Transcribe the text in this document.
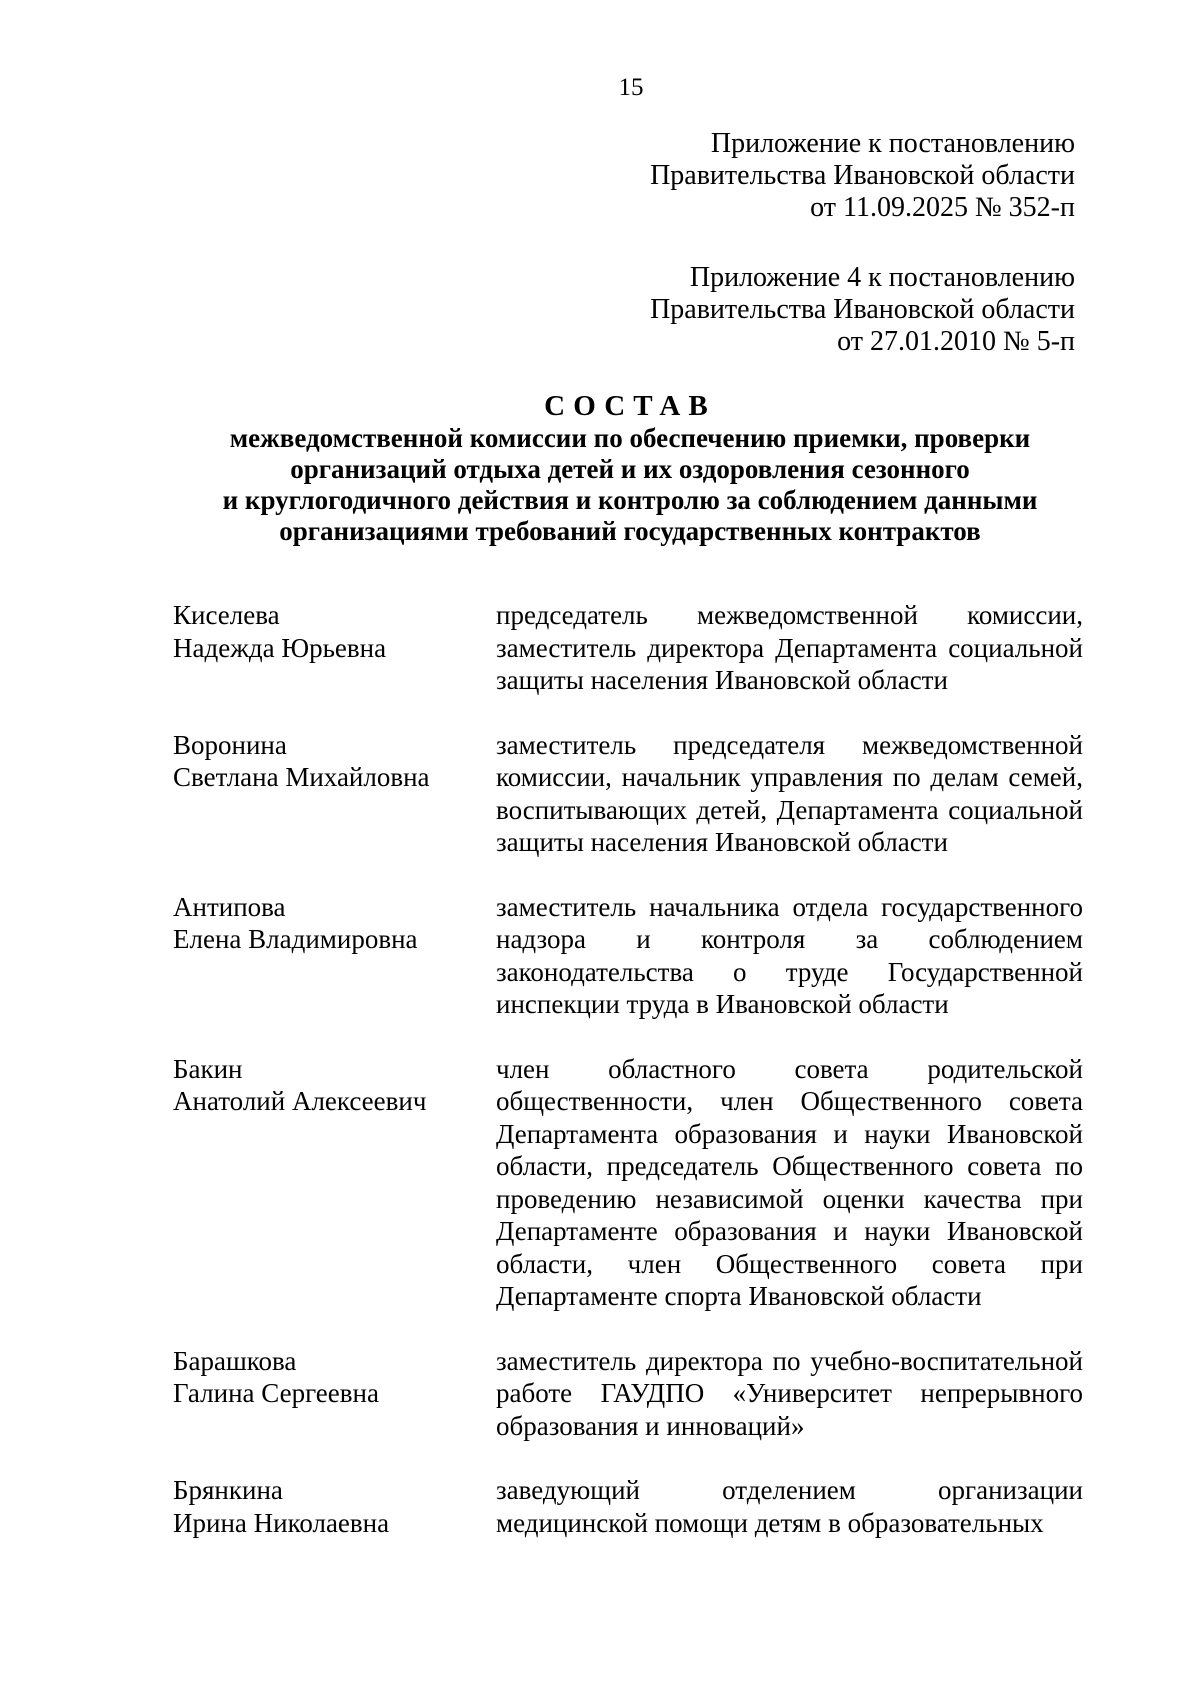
15
Приложение к постановлению
Правительства Ивановской области
от 11.09.2025 № 352-п
Приложение 4 к постановлению
Правительства Ивановской области
от 27.01.2010 № 5-п
СОСТАВ
межведомственной комиссии по обеспечению приемки, проверки
организаций отдыха детей и их оздоровления сезонного
и круглогодичного действия и контролю за соблюдением данными
организациями требований государственных контрактов
Киселева
Надежда Юрьевна
председатель межведомственной комиссии, заместитель директора Департамента социальной защиты населения Ивановской области
Воронина
Светлана Михайловна
заместитель председателя межведомственной комиссии, начальник управления по делам семей, воспитывающих детей, Департамента социальной защиты населения Ивановской области
Антипова
Елена Владимировна
заместитель начальника отдела государственного надзора и контроля за соблюдением законодательства о труде Государственной инспекции труда в Ивановской области
Бакин
Анатолий Алексеевич
член областного совета родительской общественности, член Общественного совета Департамента образования и науки Ивановской области, председатель Общественного совета по проведению независимой оценки качества при Департаменте образования и науки Ивановской области, член Общественного совета при Департаменте спорта Ивановской области
Барашкова
Галина Сергеевна
заместитель директора по учебно-воспитательной работе ГАУДПО «Университет непрерывного образования и инноваций»
Брянкина
Ирина Николаевна
заведующий отделением организации медицинской помощи детям в образовательных
